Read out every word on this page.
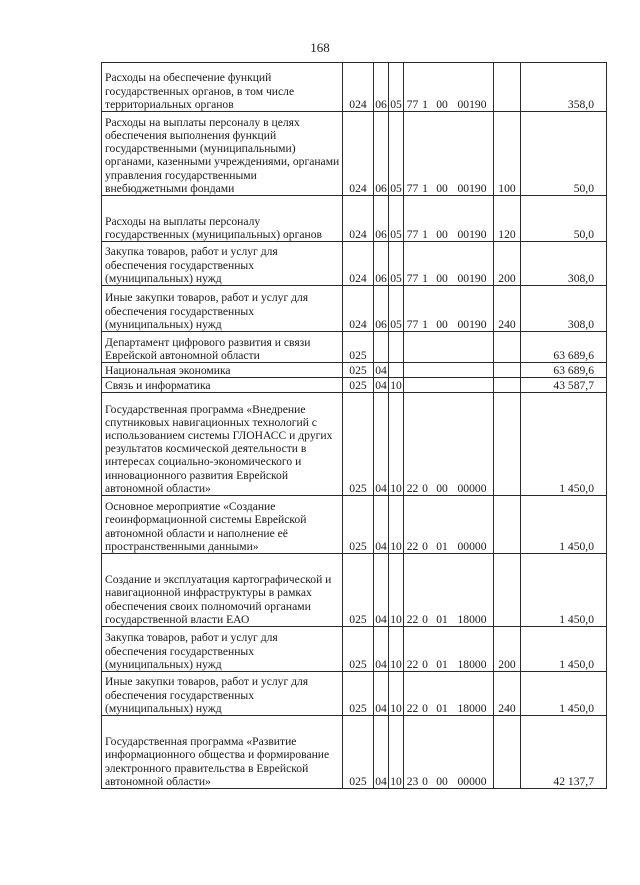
168
Расходы на обеспечение функций государственных органов, в том числе территориальных органов	024	06	05	77 1 00 00190		358,0
Расходы на выплаты персоналу в целях обеспечения выполнения функций государственными (муниципальными) органами, казенными учреждениями, органами управления государственными внебюджетными фондами	024	06	05	77 1 00 00190	100	50,0
Расходы на выплаты персоналу государственных (муниципальных) органов	024	06	05	77 1 00 00190	120	50,0
Закупка товаров, работ и услуг для обеспечения государственных (муниципальных) нужд	024	06	05	77 1 00 00190	200	308,0
Иные закупки товаров, работ и услуг для обеспечения государственных (муниципальных) нужд	024	06	05	77 1 00 00190	240	308,0
Департамент цифрового развития и связи Еврейской автономной области	025					63 689,6
Национальная экономика	025	04				63 689,6
Связь и информатика	025	04	10			43 587,7
Государственная программа «Внедрение спутниковых навигационных технологий с использованием системы ГЛОНАСС и других результатов космической деятельности в интересах социально-экономического и инновационного развития Еврейской автономной области»	025	04	10	22 0 00 00000		1 450,0
Основное мероприятие «Создание геоинформационной системы Еврейской автономной области и наполнение её пространственными данными»	025	04	10	22 0 01 00000		1 450,0
Создание и эксплуатация картографической и навигационной инфраструктуры в рамках обеспечения своих полномочий органами государственной власти ЕАО	025	04	10	22 0 01 18000		1 450,0
Закупка товаров, работ и услуг для обеспечения государственных (муниципальных) нужд	025	04	10	22 0 01 18000	200	1 450,0
Иные закупки товаров, работ и услуг для обеспечения государственных (муниципальных) нужд	025	04	10	22 0 01 18000	240	1 450,0
Государственная программа «Развитие информационного общества и формирование электронного правительства в Еврейской автономной области»	025	04	10	23 0 00 00000		42 137,7
